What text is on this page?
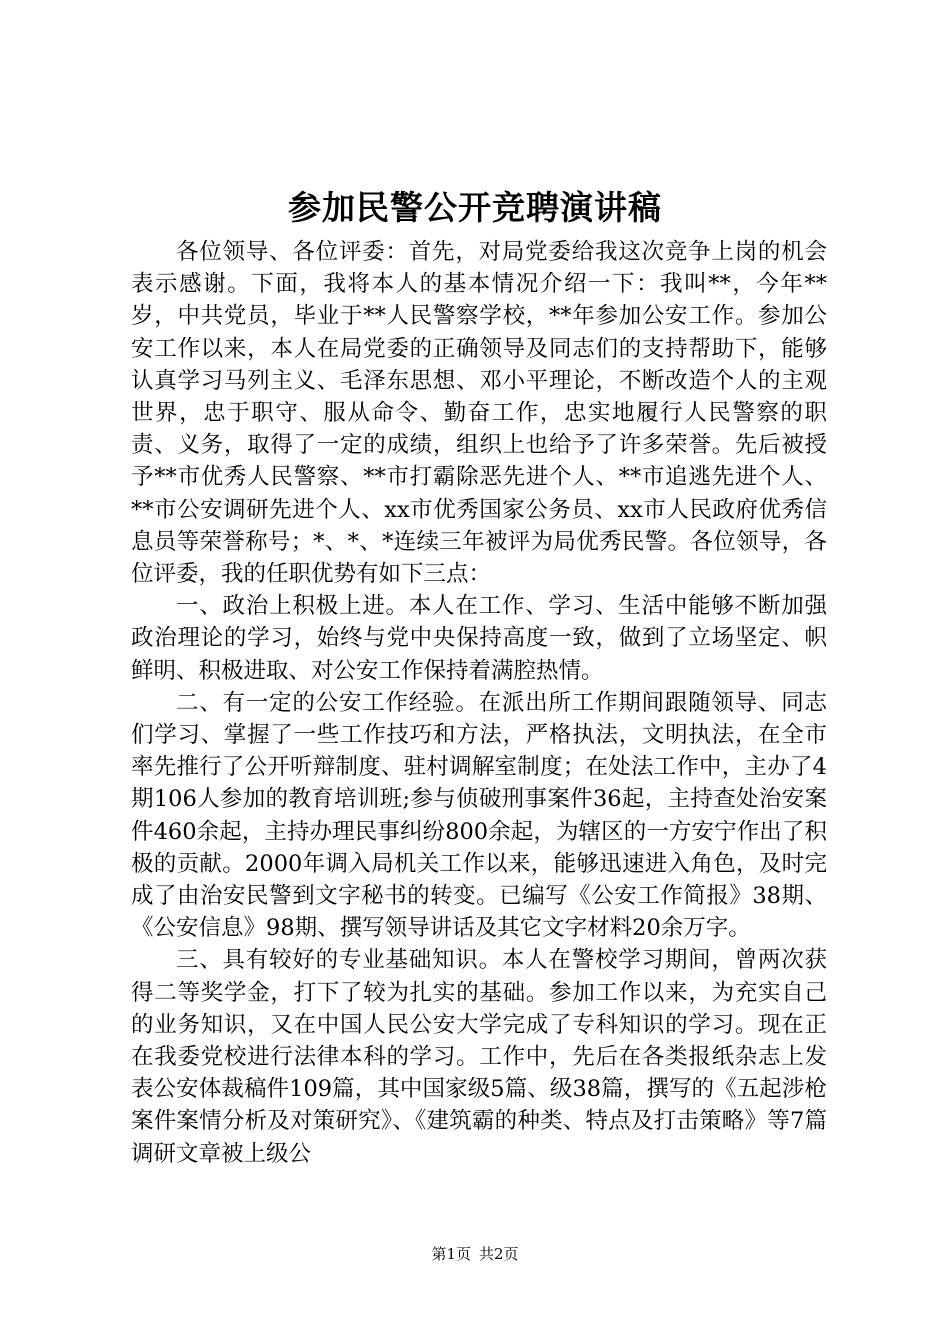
参加民警公开竞聘演讲稿

各位领导、各位评委：首先，对局党委给我这次竞争上岗的机会表示感谢。下面，我将本人的基本情况介绍一下：我叫**，今年**岁，中共党员，毕业于**人民警察学校，**年参加公安工作。参加公安工作以来，本人在局党委的正确领导及同志们的支持帮助下，能够认真学习马列主义、毛泽东思想、邓小平理论，不断改造个人的主观世界，忠于职守、服从命令、勤奋工作，忠实地履行人民警察的职责、义务，取得了一定的成绩，组织上也给予了许多荣誉。先后被授予**市优秀人民警察、**市打霸除恶先进个人、**市追逃先进个人、**市公安调研先进个人、xx市优秀国家公务员、xx市人民政府优秀信息员等荣誉称号；*、*、*连续三年被评为局优秀民警。各位领导，各位评委，我的任职优势有如下三点：

一、政治上积极上进。本人在工作、学习、生活中能够不断加强政治理论的学习，始终与党中央保持高度一致，做到了立场坚定、帜鲜明、积极进取、对公安工作保持着满腔热情。

二、有一定的公安工作经验。在派出所工作期间跟随领导、同志们学习、掌握了一些工作技巧和方法，严格执法，文明执法，在全市率先推行了公开听辩制度、驻村调解室制度；在处法工作中，主办了4期106人参加的教育培训班;参与侦破刑事案件36起，主持查处治安案件460余起，主持办理民事纠纷800余起，为辖区的一方安宁作出了积极的贡献。2000年调入局机关工作以来，能够迅速进入角色，及时完成了由治安民警到文字秘书的转变。已编写《公安工作简报》38期、《公安信息》98期、撰写领导讲话及其它文字材料20余万字。

三、具有较好的专业基础知识。本人在警校学习期间，曾两次获得二等奖学金，打下了较为扎实的基础。参加工作以来，为充实自己的业务知识，又在中国人民公安大学完成了专科知识的学习。现在正在我委党校进行法律本科的学习。工作中，先后在各类报纸杂志上发表公安体裁稿件109篇，其中国家级5篇、级38篇，撰写的《五起涉枪案件案情分析及对策研究》、《建筑霸的种类、特点及打击策略》等7篇调研文章被上级公

第1页 共2页
